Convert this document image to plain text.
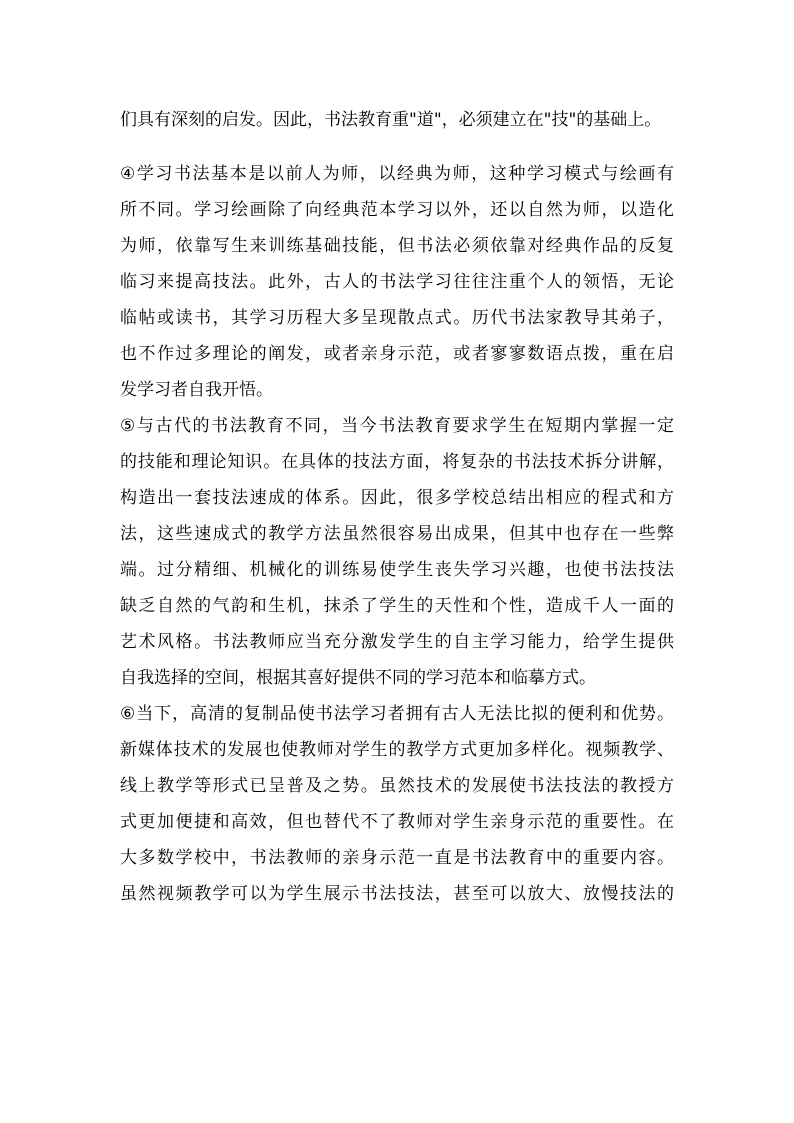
们具有深刻的启发。因此，书法教育重"道"，必须建立在"技"的基础上。
④学习书法基本是以前人为师，以经典为师，这种学习模式与绘画有
所不同。学习绘画除了向经典范本学习以外，还以自然为师，以造化
为师，依靠写生来训练基础技能，但书法必须依靠对经典作品的反复
临习来提高技法。此外，古人的书法学习往往注重个人的领悟，无论
临帖或读书，其学习历程大多呈现散点式。历代书法家教导其弟子，
也不作过多理论的阐发，或者亲身示范，或者寥寥数语点拨，重在启
发学习者自我开悟。
⑤与古代的书法教育不同，当今书法教育要求学生在短期内掌握一定
的技能和理论知识。在具体的技法方面，将复杂的书法技术拆分讲解，
构造出一套技法速成的体系。因此，很多学校总结出相应的程式和方
法，这些速成式的教学方法虽然很容易出成果，但其中也存在一些弊
端。过分精细、机械化的训练易使学生丧失学习兴趣，也使书法技法
缺乏自然的气韵和生机，抹杀了学生的天性和个性，造成千人一面的
艺术风格。书法教师应当充分激发学生的自主学习能力，给学生提供
自我选择的空间，根据其喜好提供不同的学习范本和临摹方式。
⑥当下，高清的复制品使书法学习者拥有古人无法比拟的便利和优势。
新媒体技术的发展也使教师对学生的教学方式更加多样化。视频教学、
线上教学等形式已呈普及之势。虽然技术的发展使书法技法的教授方
式更加便捷和高效，但也替代不了教师对学生亲身示范的重要性。在
大多数学校中，书法教师的亲身示范一直是书法教育中的重要内容。
虽然视频教学可以为学生展示书法技法，甚至可以放大、放慢技法的
